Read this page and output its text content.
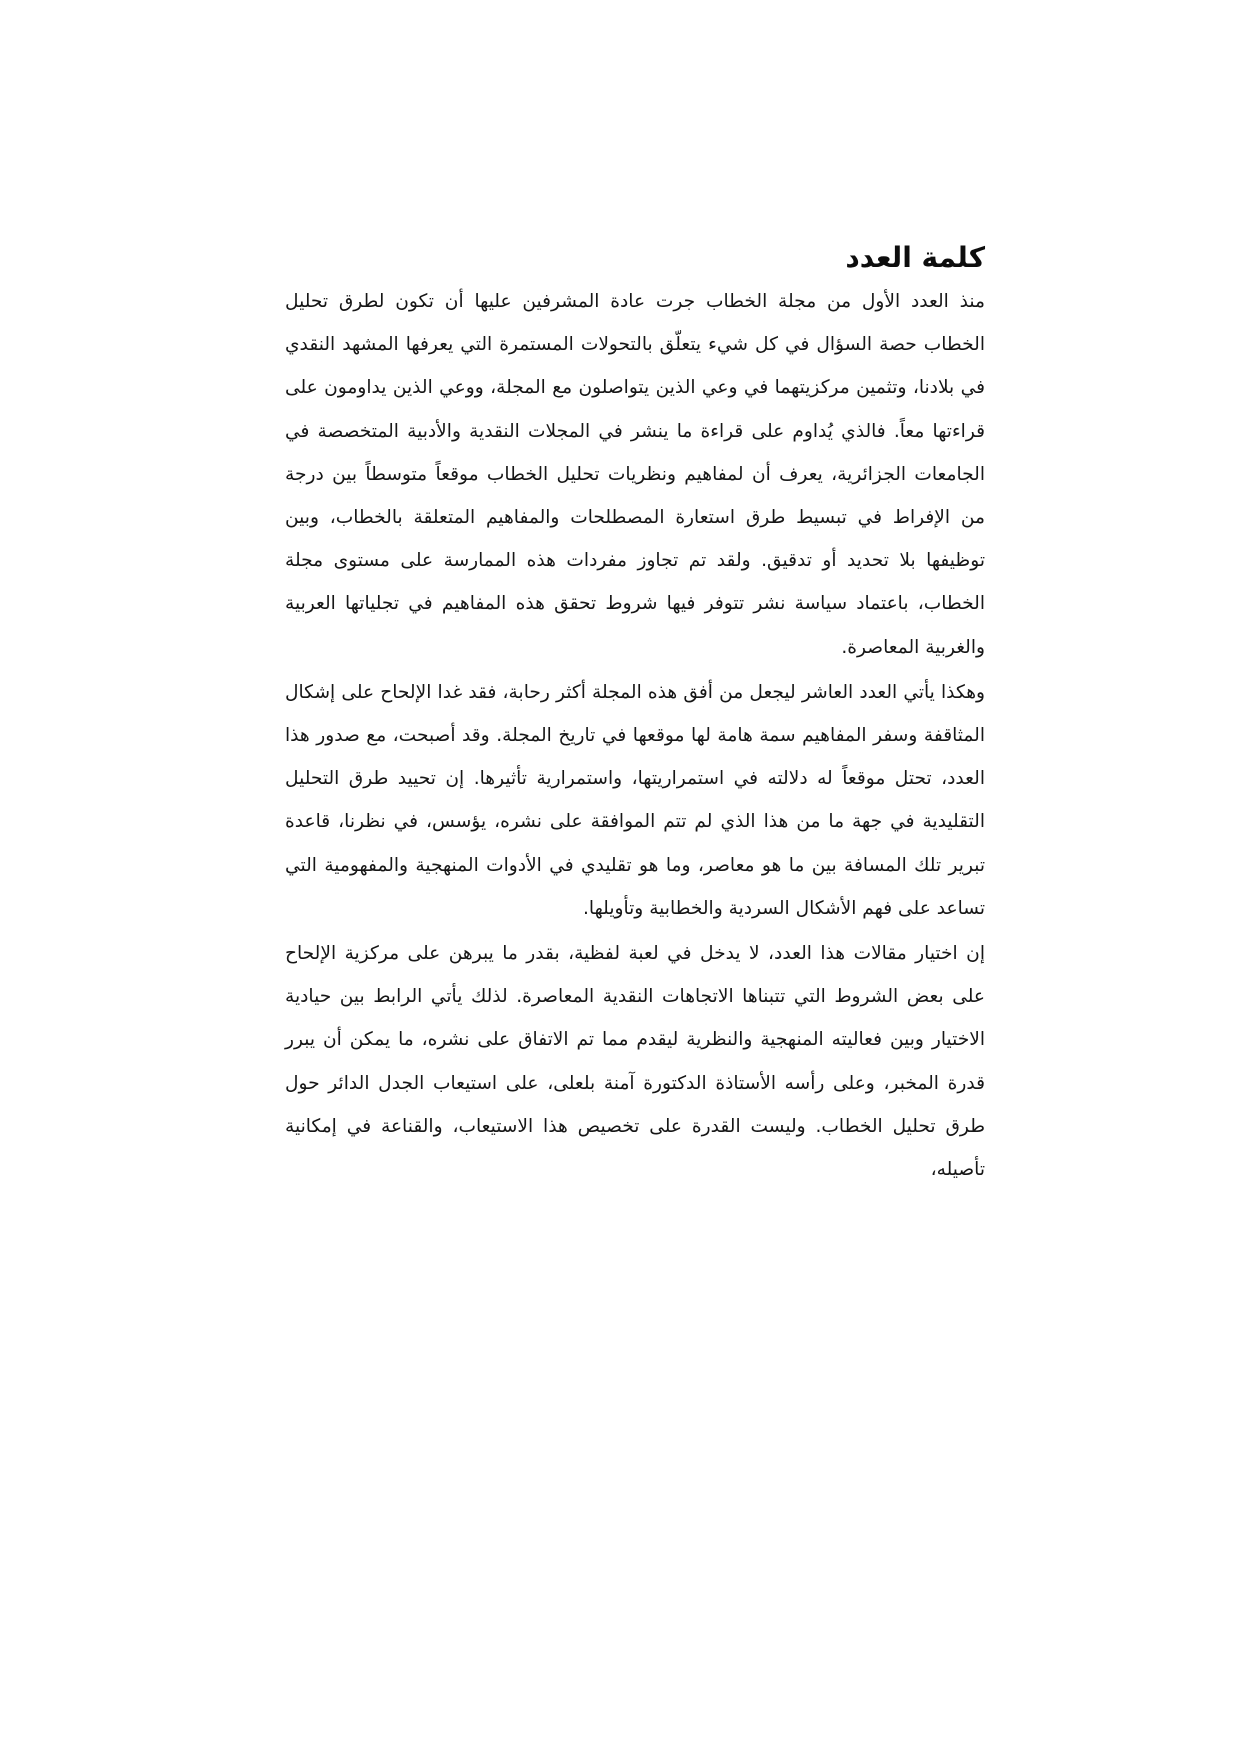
كلمة العدد

منذ العدد الأول من مجلة الخطاب جرت عادة المشرفين عليها أن تكون لطرق تحليل الخطاب حصة السؤال في كل شيء يتعلّق بالتحولات المستمرة التي يعرفها المشهد النقدي في بلادنا، وتثمين مركزيتهما في وعي الذين يتواصلون مع المجلة، ووعي الذين يداومون على قراءتها معاً. فالذي يُداوم على قراءة ما ينشر في المجلات النقدية والأدبية المتخصصة في الجامعات الجزائرية، يعرف أن لمفاهيم ونظريات تحليل الخطاب موقعاً متوسطاً بين درجة من الإفراط في تبسيط طرق استعارة المصطلحات والمفاهيم المتعلقة بالخطاب، وبين توظيفها بلا تحديد أو تدقيق. ولقد تم تجاوز مفردات هذه الممارسة على مستوى مجلة الخطاب، باعتماد سياسة نشر تتوفر فيها شروط تحقق هذه المفاهيم في تجلياتها العربية والغربية المعاصرة.

وهكذا يأتي العدد العاشر ليجعل من أفق هذه المجلة أكثر رحابة، فقد غدا الإلحاح على إشكال المثاقفة وسفر المفاهيم سمة هامة لها موقعها في تاريخ المجلة. وقد أصبحت، مع صدور هذا العدد، تحتل موقعاً له دلالته في استمراريتها، واستمرارية تأثيرها. إن تحييد طرق التحليل التقليدية في جهة ما من هذا الذي لم تتم الموافقة على نشره، يؤسس، في نظرنا، قاعدة تبرير تلك المسافة بين ما هو معاصر، وما هو تقليدي في الأدوات المنهجية والمفهومية التي تساعد على فهم الأشكال السردية والخطابية وتأويلها.

إن اختيار مقالات هذا العدد، لا يدخل في لعبة لفظية، بقدر ما يبرهن على مركزية الإلحاح على بعض الشروط التي تتبناها الاتجاهات النقدية المعاصرة. لذلك يأتي الرابط بين حيادية الاختيار وبين فعاليته المنهجية والنظرية ليقدم مما تم الاتفاق على نشره، ما يمكن أن يبرر قدرة المخبر، وعلى رأسه الأستاذة الدكتورة آمنة بلعلى، على استيعاب الجدل الدائر حول طرق تحليل الخطاب. وليست القدرة على تخصيص هذا الاستيعاب، والقناعة في إمكانية تأصيله،
